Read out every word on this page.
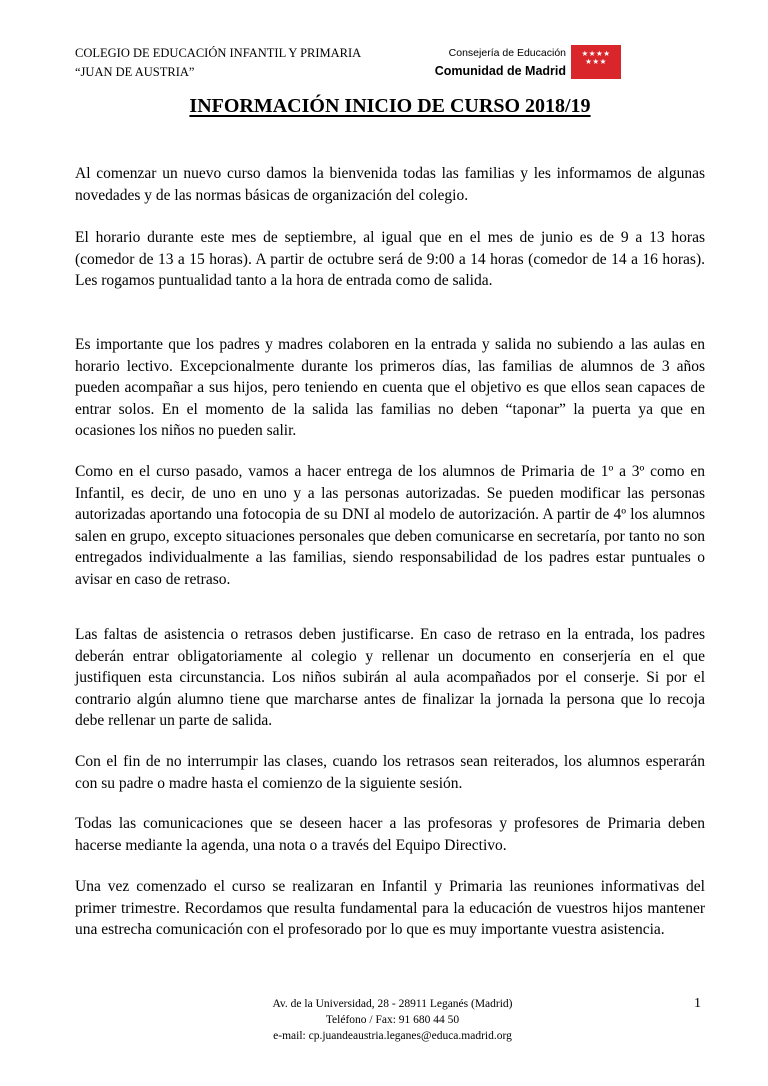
COLEGIO DE EDUCACIÓN INFANTIL Y PRIMARIA
“JUAN DE AUSTRIA”
Consejería de Educación
Comunidad de Madrid
★★★★
★★★
INFORMACIÓN INICIO DE CURSO 2018/19

Al comenzar un nuevo curso damos la bienvenida todas las familias y les informamos de algunas novedades y de las normas básicas de organización del colegio.

El horario durante este mes de septiembre, al igual que en el mes de junio es de 9 a 13 horas (comedor de 13 a 15 horas). A partir de octubre será de 9:00 a 14 horas (comedor de 14 a 16 horas). Les rogamos puntualidad tanto a la hora de entrada como de salida.

Es importante que los padres y madres colaboren en la entrada y salida no subiendo a las aulas en horario lectivo. Excepcionalmente durante los primeros días, las familias de alumnos de 3 años pueden acompañar a sus hijos, pero teniendo en cuenta que el objetivo es que ellos sean capaces de entrar solos. En el momento de la salida las familias no deben “taponar” la puerta ya que en ocasiones los niños no pueden salir.

Como en el curso pasado, vamos a hacer entrega de los alumnos de Primaria de 1º a 3º como en Infantil, es decir, de uno en uno y a las personas autorizadas. Se pueden modificar las personas autorizadas aportando una fotocopia de su DNI al modelo de autorización. A partir de 4º los alumnos salen en grupo, excepto situaciones personales que deben comunicarse en secretaría, por tanto no son entregados individualmente a las familias, siendo responsabilidad de los padres estar puntuales o avisar en caso de retraso.

Las faltas de asistencia o retrasos deben justificarse. En caso de retraso en la entrada, los padres deberán entrar obligatoriamente al colegio y rellenar un documento en conserjería en el que justifiquen esta circunstancia. Los niños subirán al aula acompañados por el conserje. Si por el contrario algún alumno tiene que marcharse antes de finalizar la jornada la persona que lo recoja debe rellenar un parte de salida.

Con el fin de no interrumpir las clases, cuando los retrasos sean reiterados, los alumnos esperarán con su padre o madre hasta el comienzo de la siguiente sesión.

Todas las comunicaciones que se deseen hacer a las profesoras y profesores de Primaria deben hacerse mediante la agenda, una nota o a través del Equipo Directivo.

Una vez comenzado el curso se realizaran en Infantil y Primaria las reuniones informativas del primer trimestre. Recordamos que resulta fundamental para la educación de vuestros hijos mantener una estrecha comunicación con el profesorado por lo que es muy importante vuestra asistencia.

Av. de la Universidad, 28 - 28911 Leganés (Madrid)
Teléfono / Fax: 91 680 44 50
e-mail: cp.juandeaustria.leganes@educa.madrid.org
1
